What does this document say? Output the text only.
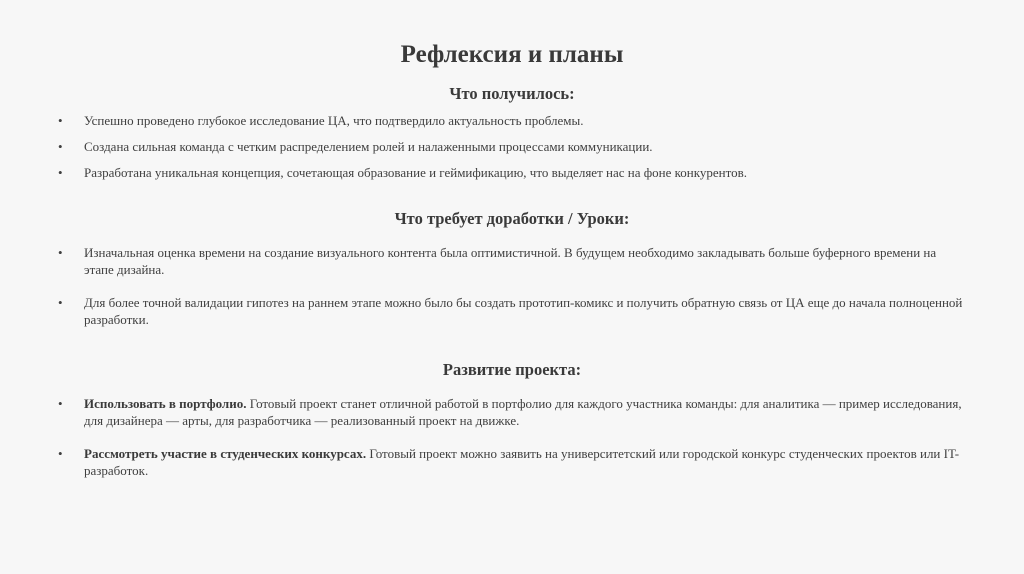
Рефлексия и планы
Что получилось:
• Успешно проведено глубокое исследование ЦА, что подтвердило актуальность проблемы.
• Создана сильная команда с четким распределением ролей и налаженными процессами коммуникации.
• Разработана уникальная концепция, сочетающая образование и геймификацию, что выделяет нас на фоне конкурентов.
Что требует доработки / Уроки:
• Изначальная оценка времени на создание визуального контента была оптимистичной. В будущем необходимо закладывать больше буферного времени на этапе дизайна.
• Для более точной валидации гипотез на раннем этапе можно было бы создать прототип-комикс и получить обратную связь от ЦА еще до начала полноценной разработки.
Развитие проекта:
• Использовать в портфолио. Готовый проект станет отличной работой в портфолио для каждого участника команды: для аналитика — пример исследования, для дизайнера — арты, для разработчика — реализованный проект на движке.
• Рассмотреть участие в студенческих конкурсах. Готовый проект можно заявить на университетский или городской конкурс студенческих проектов или IT-разработок.
